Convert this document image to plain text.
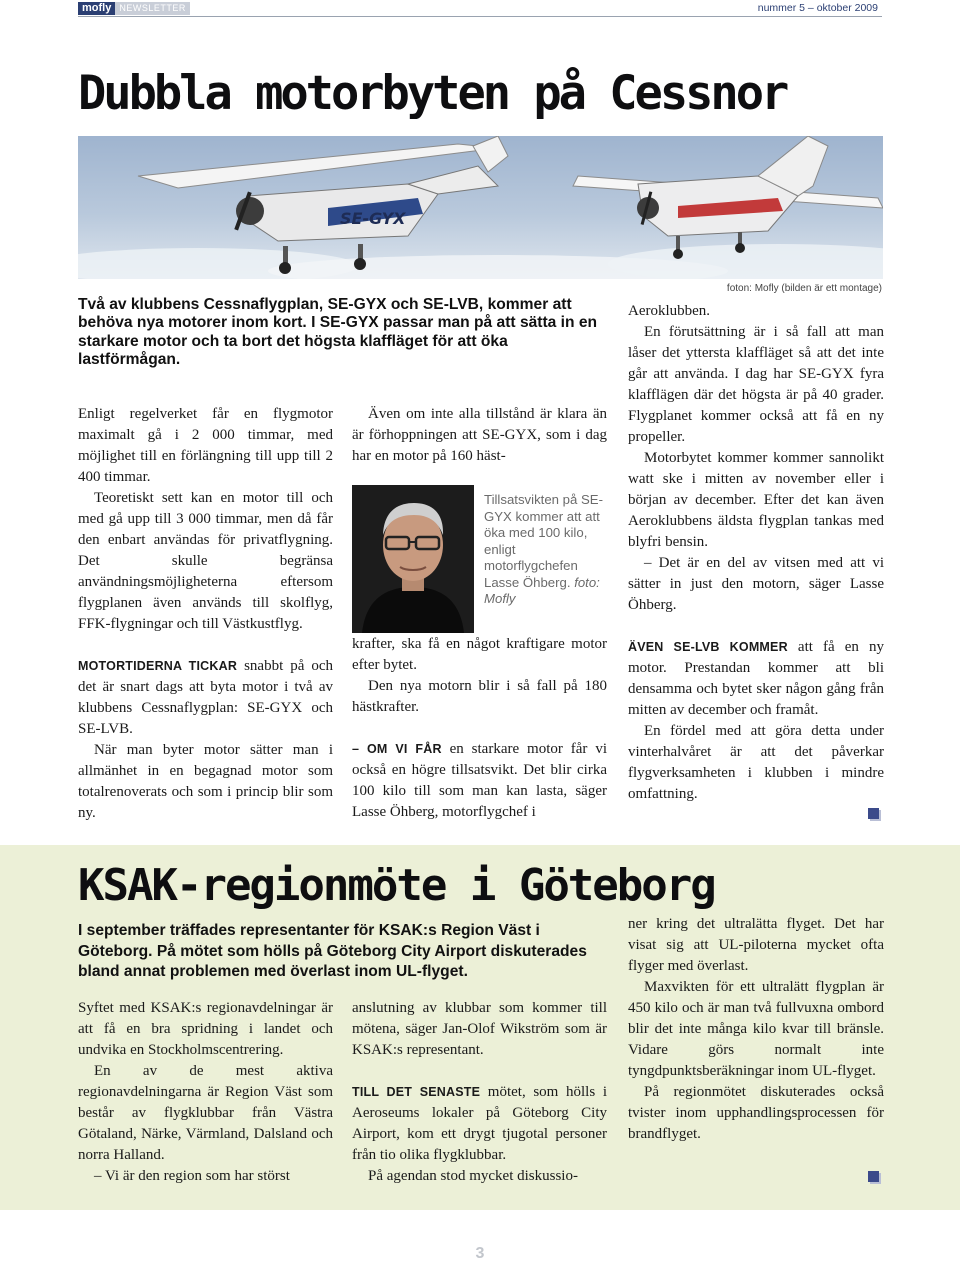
mofly NEWSLETTER	nummer 5 – oktober 2009
Dubbla motorbyten på Cessnor
SE-GYX
foton: Mofly (bilden är ett montage)
Två av klubbens Cessnaflygplan, SE-GYX och SE-LVB, kommer att behöva nya motorer inom kort. I SE-GYX passar man på att sätta in en starkare motor och ta bort det högsta klaffläget för att öka lastförmågan.

Enligt regelverket får en flygmotor maximalt gå i 2 000 timmar, med möjlighet till en förlängning till upp till 2 400 timmar.

Teoretiskt sett kan en motor till och med gå upp till 3 000 timmar, men då får den enbart användas för privatflygning. Det skulle begränsa användningsmöjligheterna eftersom flygplanen även används till skolflyg, FFK-flygningar och till Västkustflyg.

MOTORTIDERNA TICKAR snabbt på och det är snart dags att byta motor i två av klubbens Cessnaflygplan: SE-GYX och SE-LVB.

När man byter motor sätter man i allmänhet in en begagnad motor som totalrenoverats och som i princip blir som ny.

Även om inte alla tillstånd är klara än är förhoppningen att SE-GYX, som i dag har en motor på 160 häst-

Tillsatsvikten på SE-GYX kommer att att öka med 100 kilo, enligt motorflygchefen Lasse Öhberg. foto: Mofly

krafter, ska få en något kraftigare motor efter bytet.

Den nya motorn blir i så fall på 180 hästkrafter.

– OM VI FÅR en starkare motor får vi också en högre tillsatsvikt. Det blir cirka 100 kilo till som man kan lasta, säger Lasse Öhberg, motorflygchef i

Aeroklubben.

En förutsättning är i så fall att man låser det yttersta klaffläget så att det inte går att använda. I dag har SE-GYX fyra klafflägen där det högsta är på 40 grader. Flygplanet kommer också att få en ny propeller.

Motorbytet kommer kommer sannolikt watt ske i mitten av november eller i början av december. Efter det kan även Aeroklubbens äldsta flygplan tankas med blyfri bensin.

– Det är en del av vitsen med att vi sätter in just den motorn, säger Lasse Öhberg.

ÄVEN SE-LVB KOMMER att få en ny motor. Prestandan kommer att bli densamma och bytet sker någon gång från mitten av december och framåt.

En fördel med att göra detta under vinterhalvåret är att det påverkar flygverksamheten i klubben i mindre omfattning.

KSAK-regionmöte i Göteborg
I september träffades representanter för KSAK:s Region Väst i Göteborg. På mötet som hölls på Göteborg City Airport diskuterades bland annat problemen med överlast inom UL-flyget.

Syftet med KSAK:s regionavdelningar är att få en bra spridning i landet och undvika en Stockholmscentrering.

En av de mest aktiva regionavdelningarna är Region Väst som består av flygklubbar från Västra Götaland, Närke, Värmland, Dalsland och norra Halland.

– Vi är den region som har störst

anslutning av klubbar som kommer till mötena, säger Jan-Olof Wikström som är KSAK:s representant.

TILL DET SENASTE mötet, som hölls i Aeroseums lokaler på Göteborg City Airport, kom ett drygt tjugotal personer från tio olika flygklubbar.

På agendan stod mycket diskussio-

ner kring det ultralätta flyget. Det har visat sig att UL-piloterna mycket ofta flyger med överlast.

Maxvikten för ett ultralätt flygplan är 450 kilo och är man två fullvuxna ombord blir det inte många kilo kvar till bränsle. Vidare görs normalt inte tyngdpunktsberäkningar inom UL-flyget.

På regionmötet diskuterades också tvister inom upphandlingsprocessen för brandflyget.

3
